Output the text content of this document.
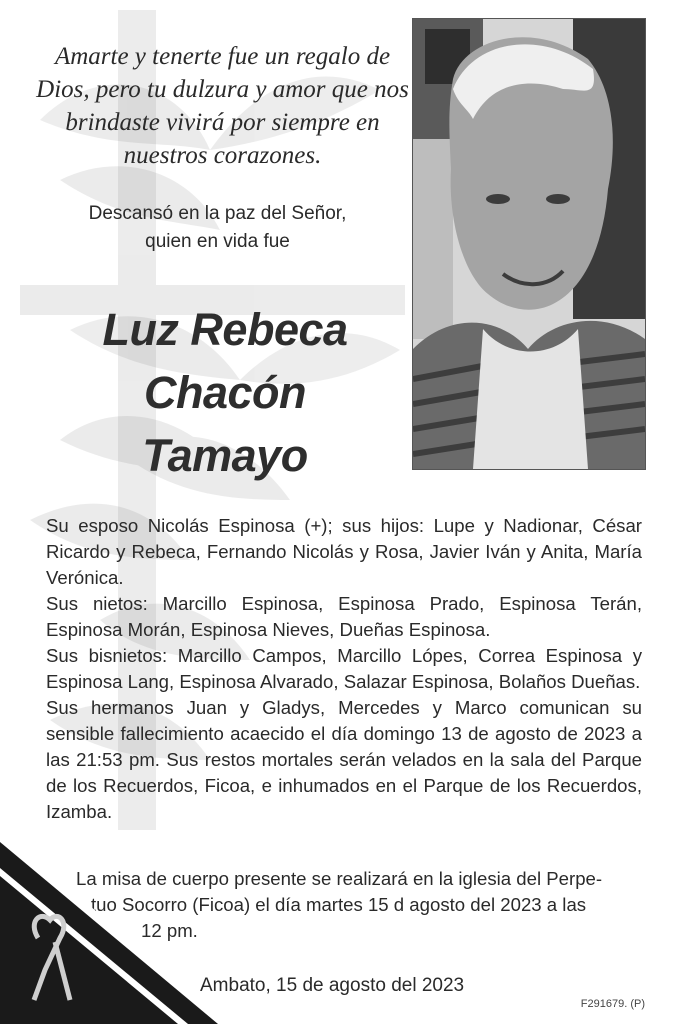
Amarte y tenerte fue un regalo de Dios, pero tu dulzura y amor que nos brindaste vivirá por siempre en nuestros corazones.
Descansó en la paz del Señor,
quien en vida fue
Luz Rebeca
Chacón
Tamayo

Su esposo Nicolás Espinosa (+); sus hijos: Lupe y Nadionar, César Ricardo y Rebeca, Fernando Nicolás y Rosa, Javier Iván y Anita, María Verónica.

Sus nietos: Marcillo Espinosa, Espinosa Prado, Espinosa Terán, Espinosa Morán, Espinosa Nieves, Dueñas Espinosa.

Sus bisnietos: Marcillo Campos, Marcillo Lópes, Correa Espinosa y Espinosa Lang, Espinosa Alvarado, Salazar Espinosa, Bolaños Dueñas.

Sus hermanos Juan y Gladys, Mercedes y Marco comunican su sensible fallecimiento acaecido el día domingo 13 de agosto de 2023 a las 21:53 pm. Sus restos mortales serán velados en la sala del Parque de los Recuerdos, Ficoa, e inhumados en el Parque de los Recuerdos, Izamba.

La misa de cuerpo presente se realizará en la iglesia del Perpe-
tuo Socorro (Ficoa) el día martes 15 d agosto del 2023 a las
12 pm.
Ambato, 15 de agosto del 2023
F291679. (P)
